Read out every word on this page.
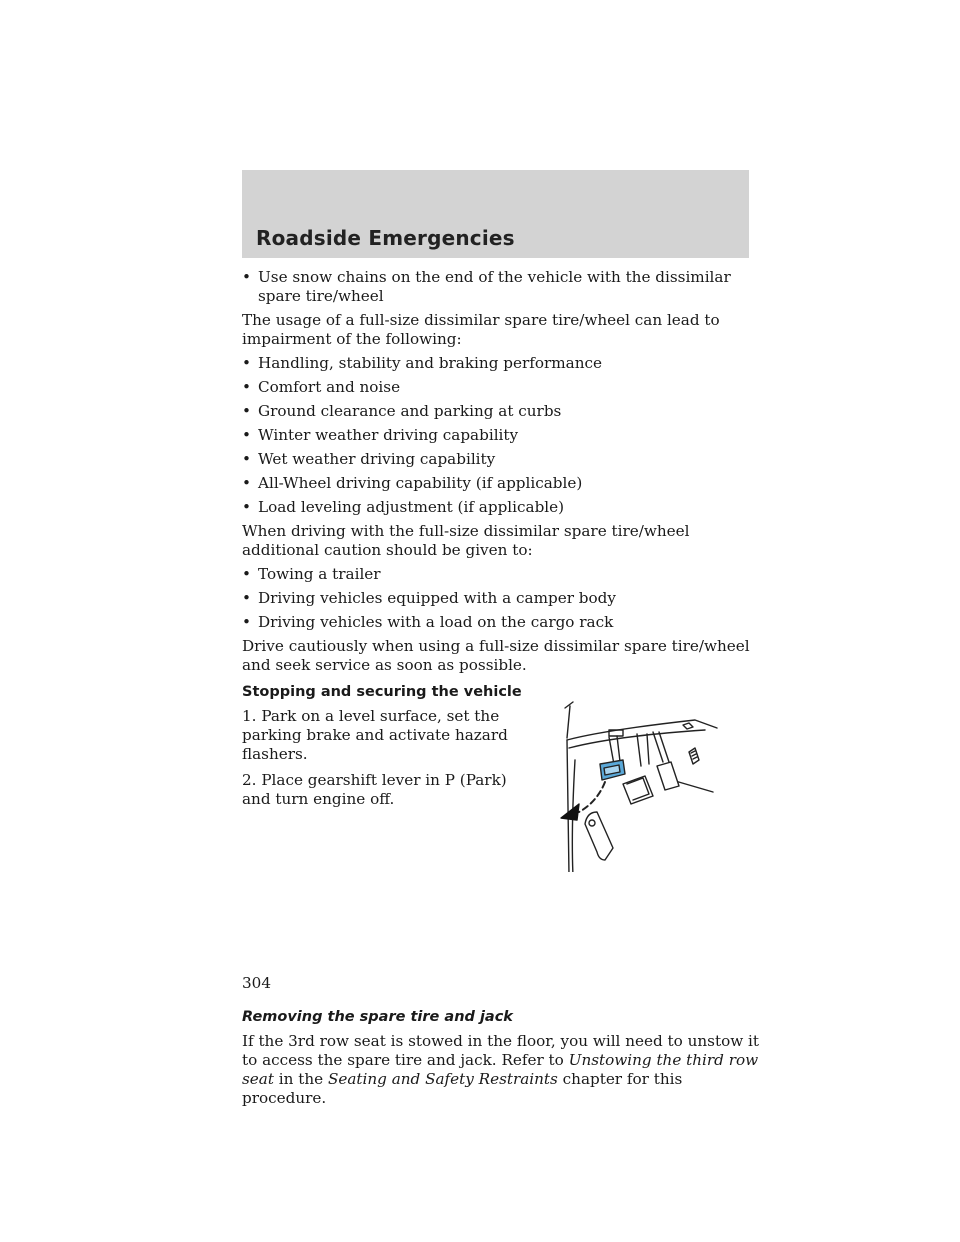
Roadside Emergencies
• Use snow chains on the end of the vehicle with the dissimilar spare tire/wheel

The usage of a full-size dissimilar spare tire/wheel can lead to impairment of the following:

• Handling, stability and braking performance
• Comfort and noise
• Ground clearance and parking at curbs
• Winter weather driving capability
• Wet weather driving capability
• All-Wheel driving capability (if applicable)
• Load leveling adjustment (if applicable)

When driving with the full-size dissimilar spare tire/wheel additional caution should be given to:

• Towing a trailer
• Driving vehicles equipped with a camper body
• Driving vehicles with a load on the cargo rack

Drive cautiously when using a full-size dissimilar spare tire/wheel and seek service as soon as possible.

Stopping and securing the vehicle

1. Park on a level surface, set the parking brake and activate hazard flashers.

2. Place gearshift lever in P (Park) and turn engine off.

Removing the spare tire and jack

If the 3rd row seat is stowed in the floor, you will need to unstow it to access the spare tire and jack. Refer to Unstowing the third row seat in the Seating and Safety Restraints chapter for this procedure.

304
